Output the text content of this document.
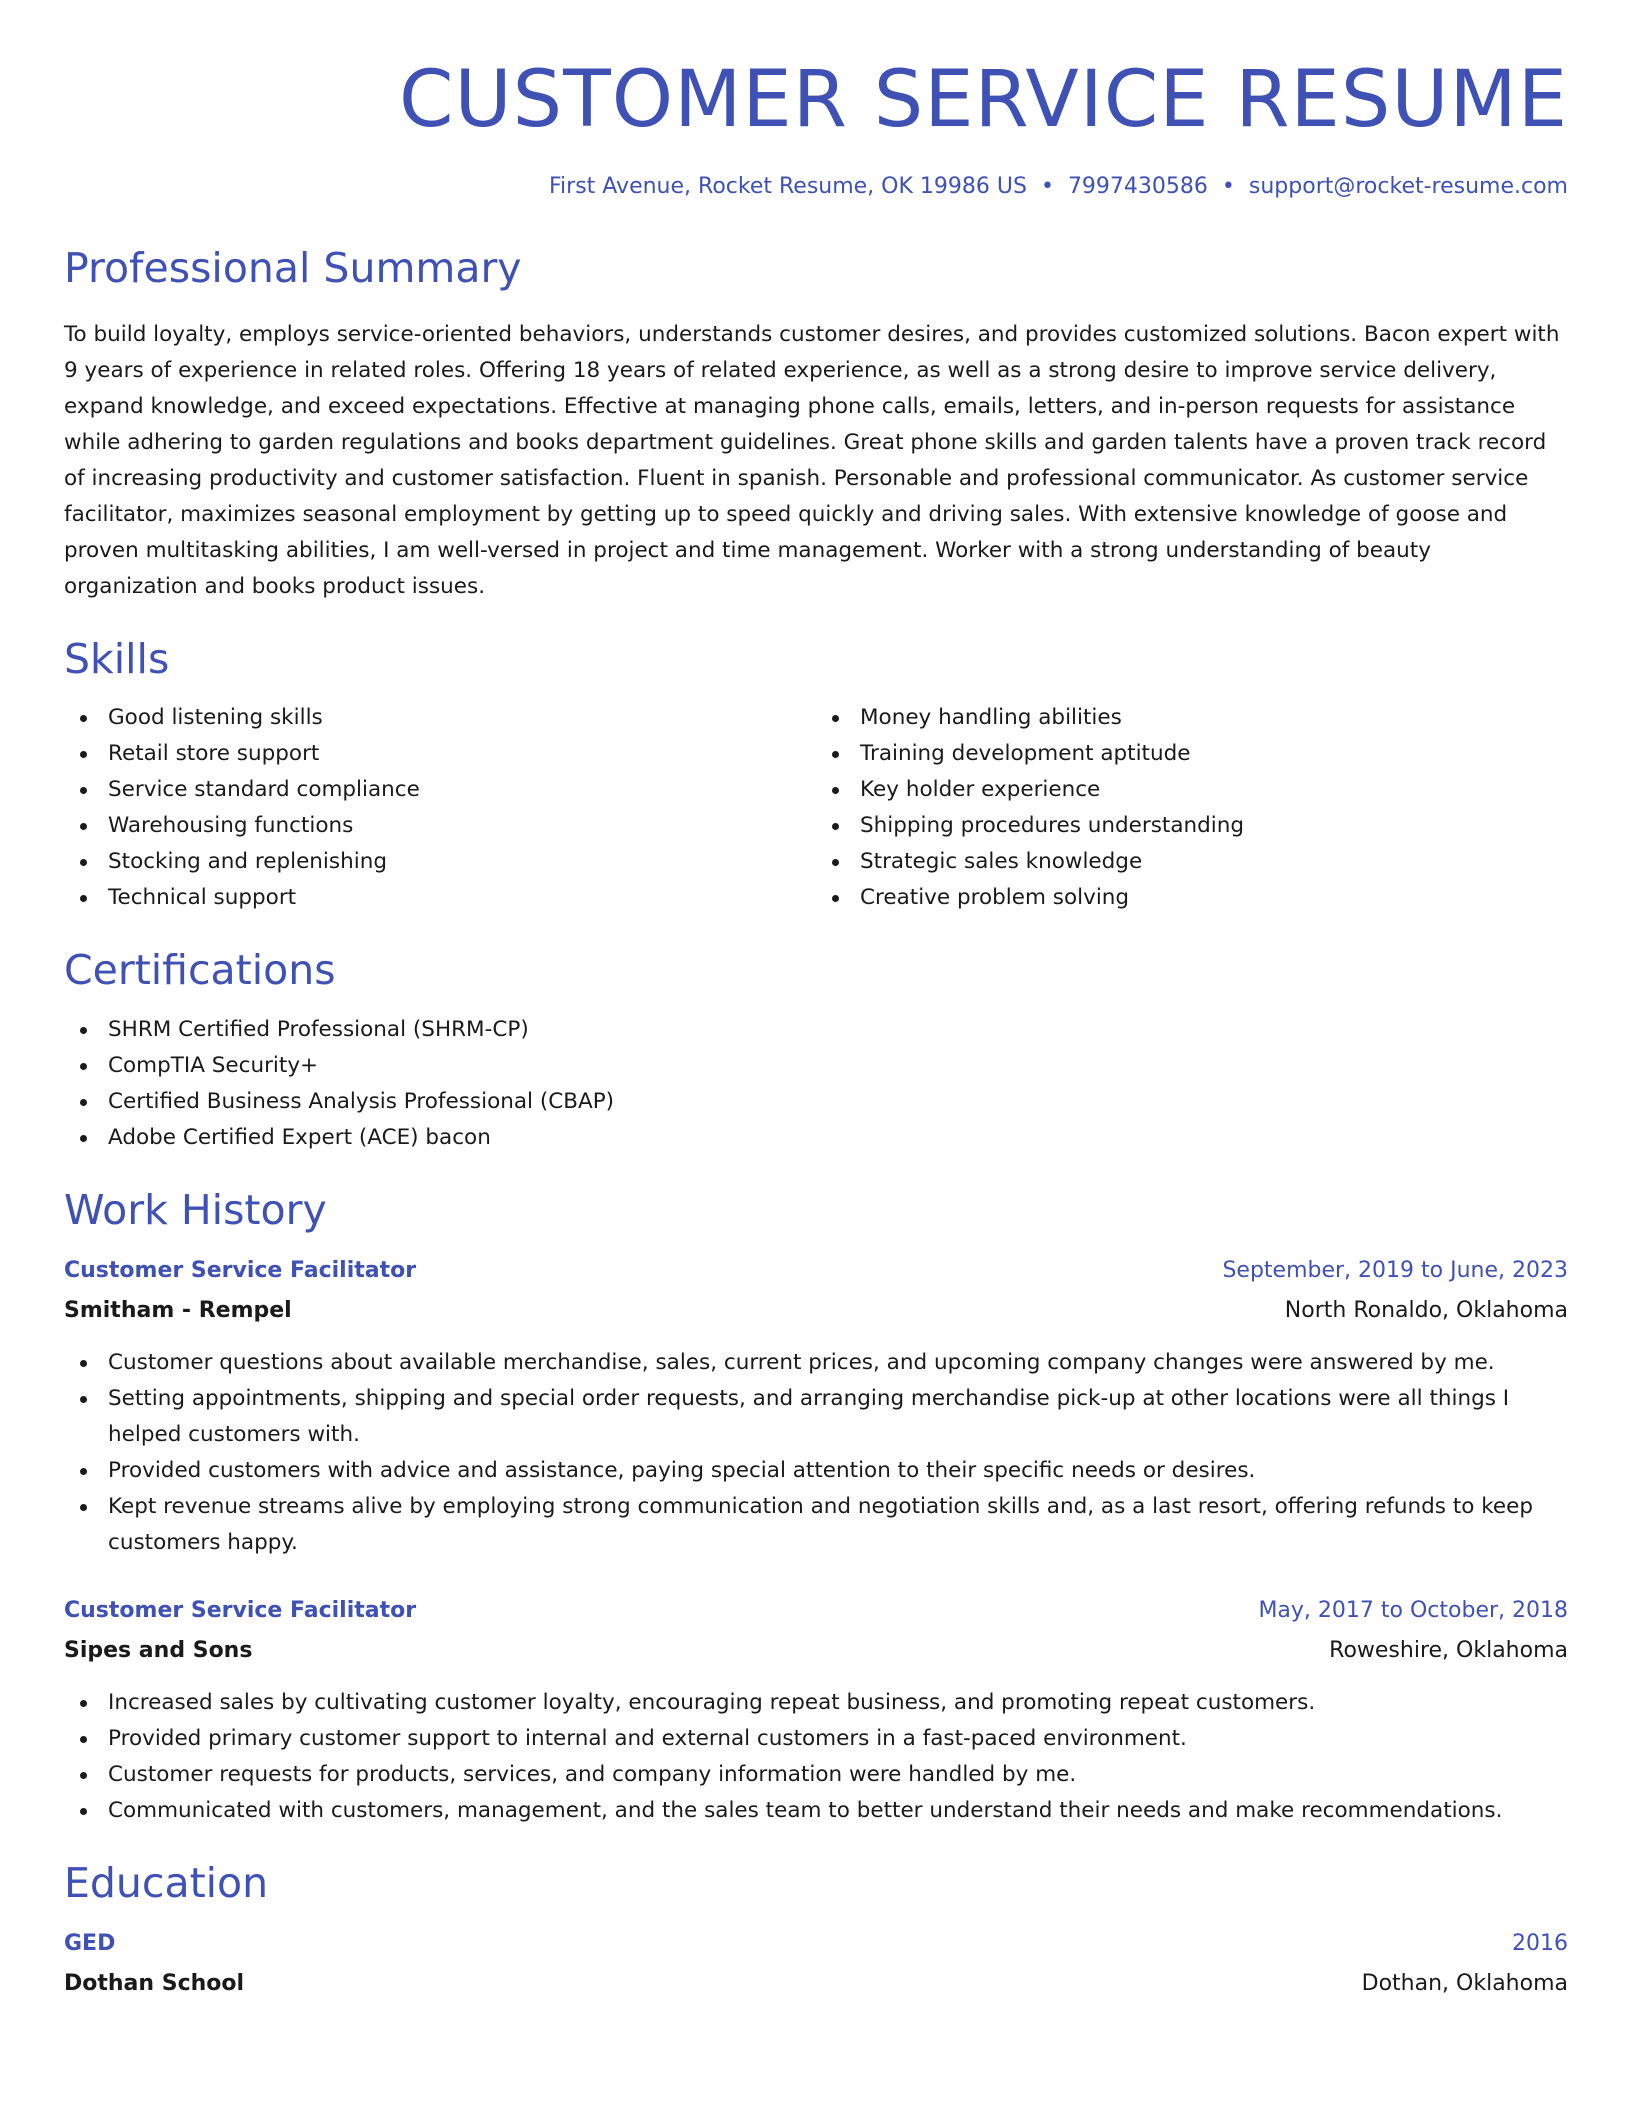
CUSTOMER SERVICE RESUME
First Avenue, Rocket Resume, OK 19986 US • 7997430586 • support@rocket-resume.com
Professional Summary

To build loyalty, employs service-oriented behaviors, understands customer desires, and provides customized solutions. Bacon expert with 9 years of experience in related roles. Offering 18 years of related experience, as well as a strong desire to improve service delivery, expand knowledge, and exceed expectations. Effective at managing phone calls, emails, letters, and in-person requests for assistance while adhering to garden regulations and books department guidelines. Great phone skills and garden talents have a proven track record of increasing productivity and customer satisfaction. Fluent in spanish. Personable and professional communicator. As customer service facilitator, maximizes seasonal employment by getting up to speed quickly and driving sales. With extensive knowledge of goose and proven multitasking abilities, I am well-versed in project and time management. Worker with a strong understanding of beauty organization and books product issues.

Skills
Good listening skills
Retail store support
Service standard compliance
Warehousing functions
Stocking and replenishing
Technical support
Money handling abilities
Training development aptitude
Key holder experience
Shipping procedures understanding
Strategic sales knowledge
Creative problem solving
Certifications
SHRM Certified Professional (SHRM-CP)
CompTIA Security+
Certified Business Analysis Professional (CBAP)
Adobe Certified Expert (ACE) bacon
Work History
Customer Service Facilitator	September, 2019 to June, 2023
Smitham - Rempel	North Ronaldo, Oklahoma
Customer questions about available merchandise, sales, current prices, and upcoming company changes were answered by me.
Setting appointments, shipping and special order requests, and arranging merchandise pick-up at other locations were all things I helped customers with.
Provided customers with advice and assistance, paying special attention to their specific needs or desires.
Kept revenue streams alive by employing strong communication and negotiation skills and, as a last resort, offering refunds to keep customers happy.
Customer Service Facilitator	May, 2017 to October, 2018
Sipes and Sons	Roweshire, Oklahoma
Increased sales by cultivating customer loyalty, encouraging repeat business, and promoting repeat customers.
Provided primary customer support to internal and external customers in a fast-paced environment.
Customer requests for products, services, and company information were handled by me.
Communicated with customers, management, and the sales team to better understand their needs and make recommendations.
Education
GED	2016
Dothan School	Dothan, Oklahoma
